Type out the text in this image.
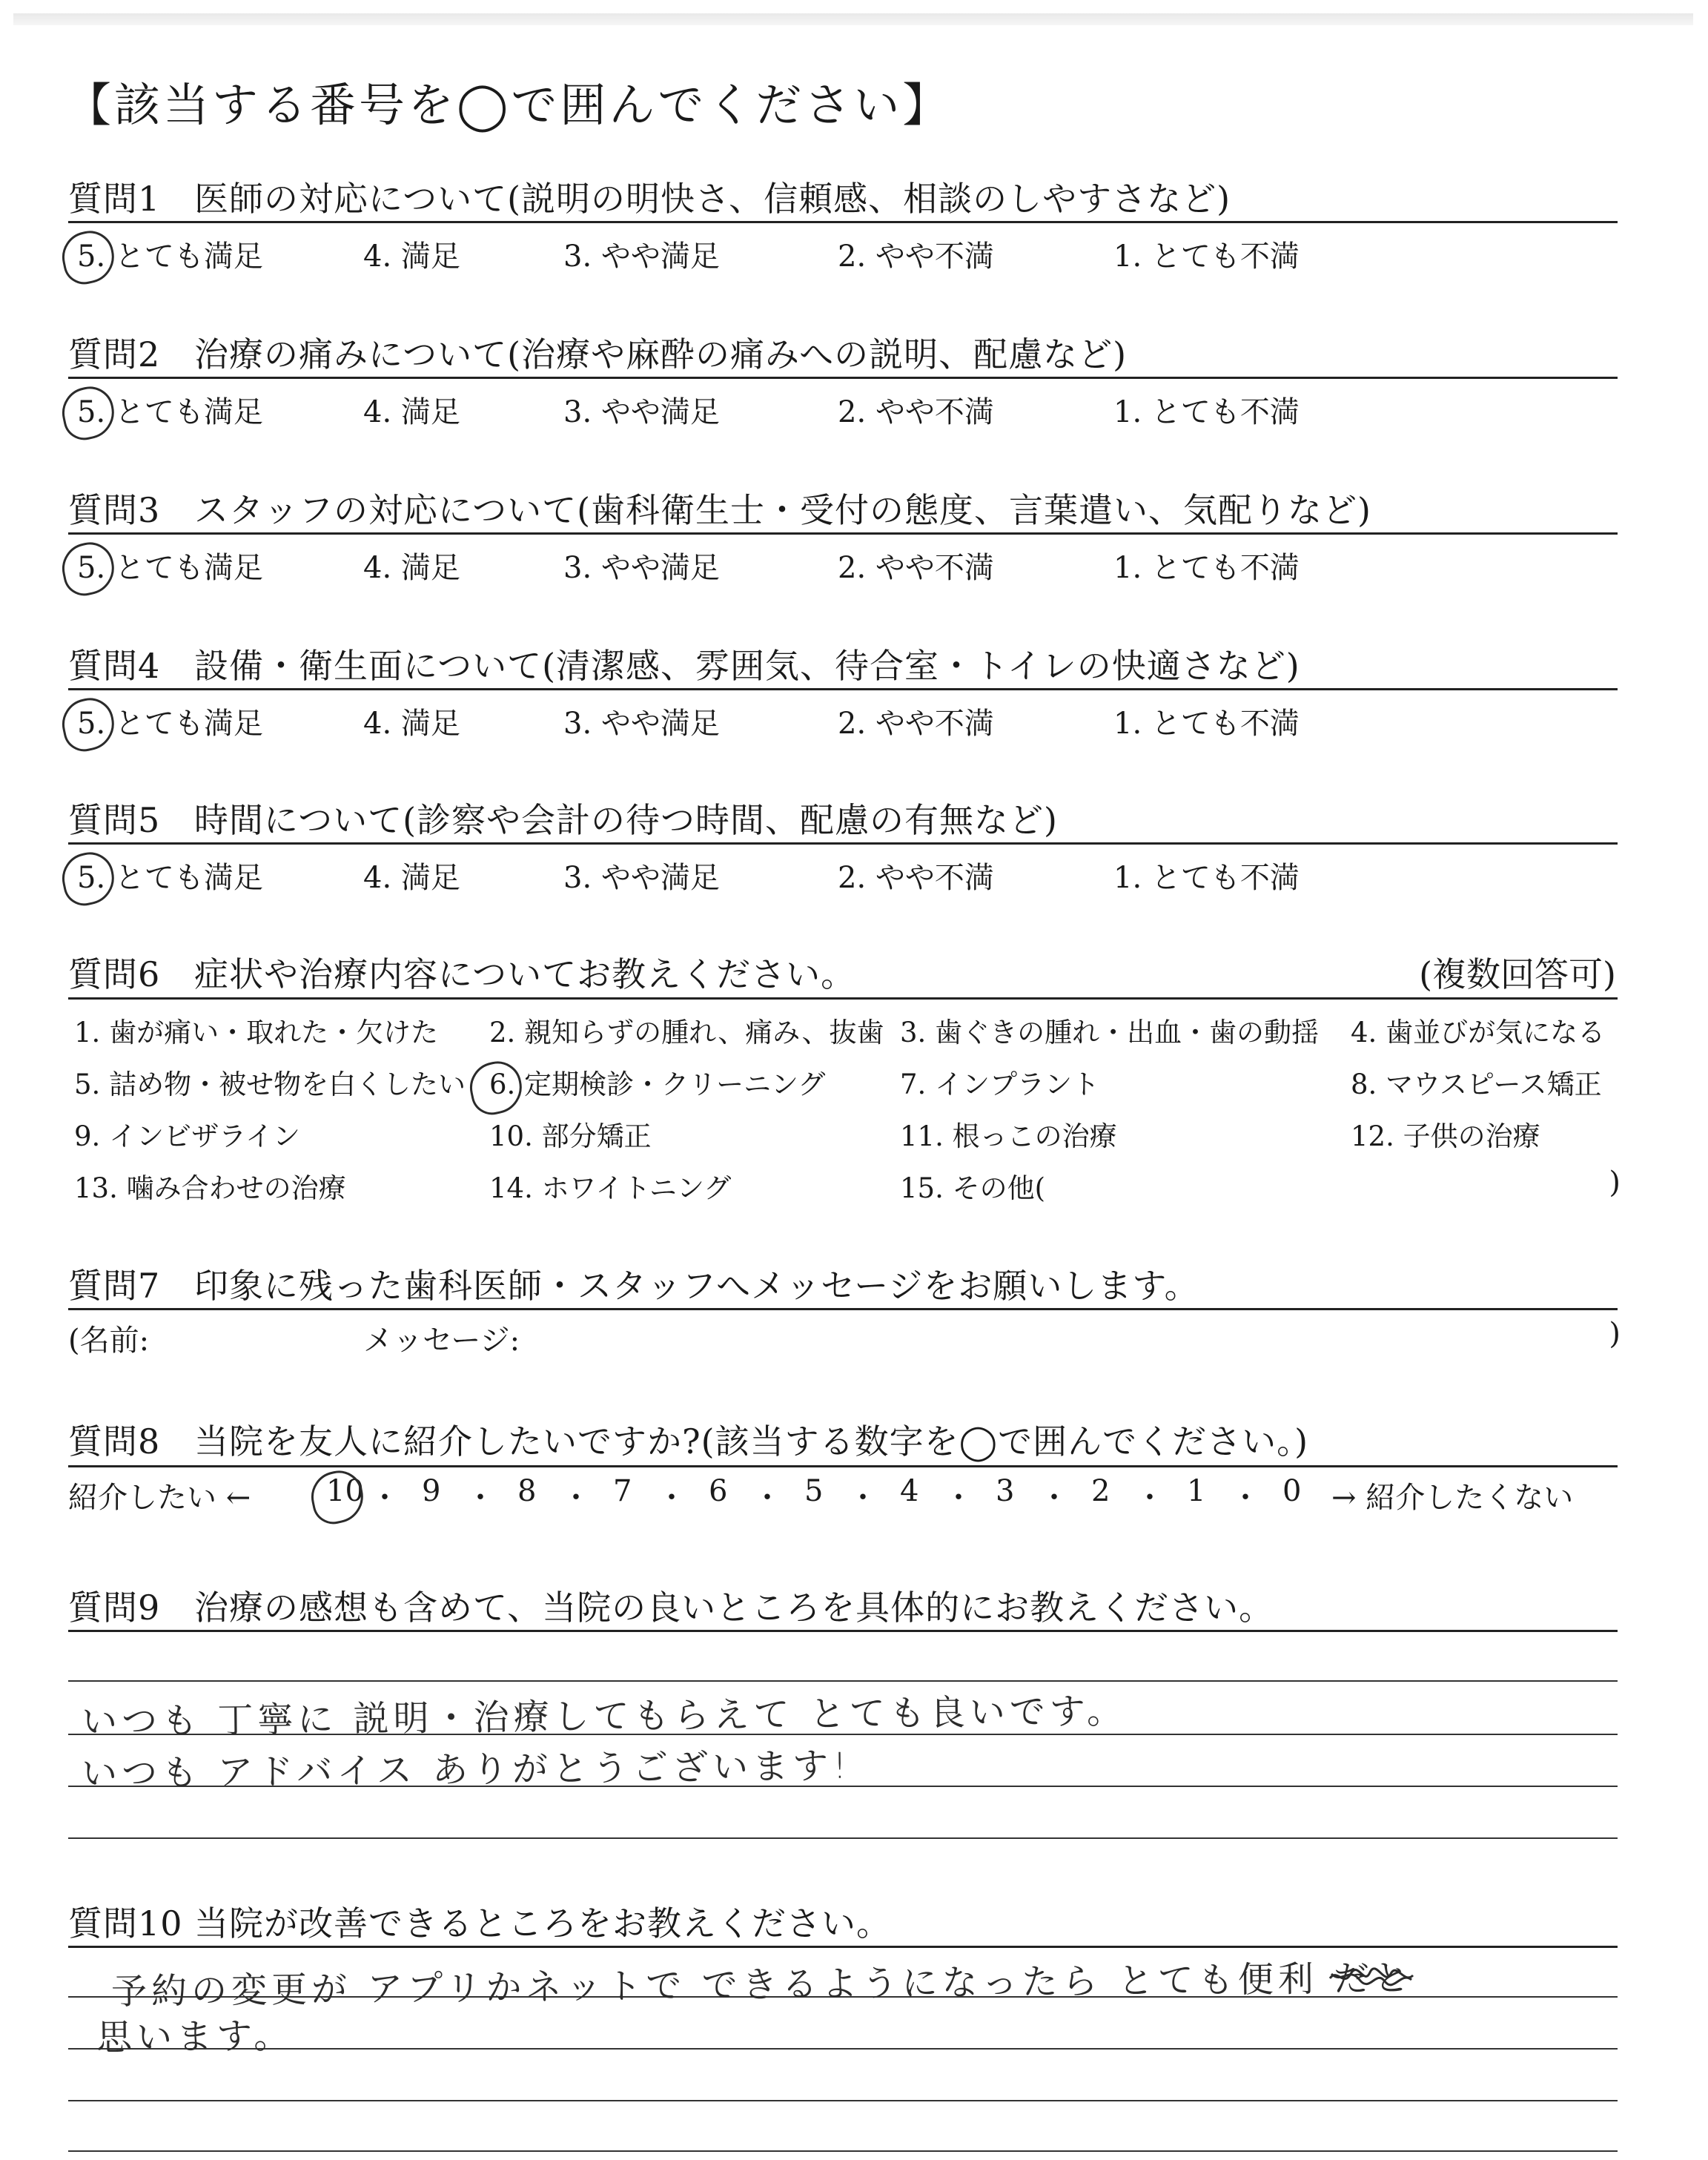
【該当する番号を◯で囲んでください】
質問1 医師の対応について(説明の明快さ、信頼感、相談のしやすさなど)
5. とても満足	4. 満足	3. やや満足	2. やや不満	1. とても不満
質問2 治療の痛みについて(治療や麻酔の痛みへの説明、配慮など)
5. とても満足	4. 満足	3. やや満足	2. やや不満	1. とても不満
質問3 スタッフの対応について(歯科衛生士・受付の態度、言葉遣い、気配りなど)
5. とても満足	4. 満足	3. やや満足	2. やや不満	1. とても不満
質問4 設備・衛生面について(清潔感、雰囲気、待合室・トイレの快適さなど)
5. とても満足	4. 満足	3. やや満足	2. やや不満	1. とても不満
質問5 時間について(診察や会計の待つ時間、配慮の有無など)
5. とても満足	4. 満足	3. やや満足	2. やや不満	1. とても不満
質問6 症状や治療内容についてお教えください。	(複数回答可)
1. 歯が痛い・取れた・欠けた 2. 親知らずの腫れ、痛み、抜歯 3. 歯ぐきの腫れ・出血・歯の動揺 4. 歯並びが気になる
5. 詰め物・被せ物を白くしたい 6. 定期検診・クリーニング	7. インプラント	8. マウスピース矯正
9. インビザライン	10. 部分矯正	11. 根っこの治療	12. 子供の治療
13. 噛み合わせの治療	14. ホワイトニング	15. その他(	)
質問7 印象に残った歯科医師・スタッフへメッセージをお願いします。
(名前:	メッセージ:	)
質問8 当院を友人に紹介したいですか?(該当する数字を◯で囲んでください。)
紹介したい ←	→ 紹介したくない
10 ・ 9 ・ 8 ・ 7 ・ 6 ・ 5 ・ 4 ・ 3 ・ 2 ・ 1 ・ 0
質問9 治療の感想も含めて、当院の良いところを具体的にお教えください。
いつも 丁寧に 説明・治療してもらえて とても良いです。
いつも アドバイス ありがとうございます!
質問10 当院が改善できるところをお教えください。
予約の変更が アプリかネットで できるようになったら とても便利 だと
思います。
